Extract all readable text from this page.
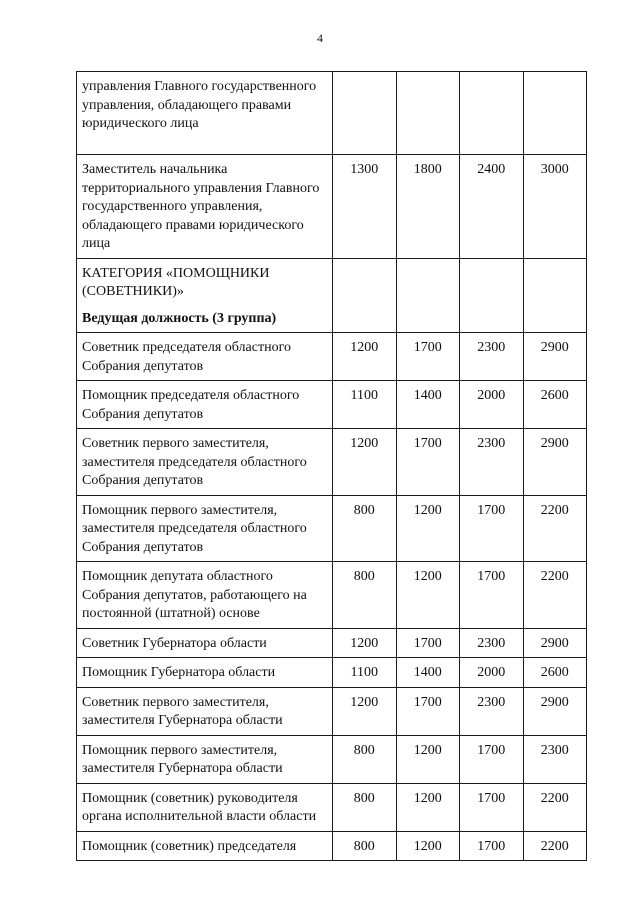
4
управления Главного государственного управления, обладающего правами юридического лица				
Заместитель начальника территориального управления Главного государственного управления, обладающего правами юридического лица	1300	1800	2400	3000

КАТЕГОРИЯ «ПОМОЩНИКИ (СОВЕТНИКИ)»
Ведущая должность (3 группа)				

Советник председателя областного Собрания депутатов	1200	1700	2300	2900
Помощник председателя областного Собрания депутатов	1100	1400	2000	2600
Советник первого заместителя, заместителя председателя областного Собрания депутатов	1200	1700	2300	2900
Помощник первого заместителя, заместителя председателя областного Собрания депутатов	800	1200	1700	2200
Помощник депутата областного Собрания депутатов, работающего на постоянной (штатной) основе	800	1200	1700	2200
Советник Губернатора области	1200	1700	2300	2900
Помощник Губернатора области	1100	1400	2000	2600
Советник первого заместителя, заместителя Губернатора области	1200	1700	2300	2900
Помощник первого заместителя, заместителя Губернатора области	800	1200	1700	2300
Помощник (советник) руководителя органа исполнительной власти области	800	1200	1700	2200
Помощник (советник) председателя	800	1200	1700	2200
